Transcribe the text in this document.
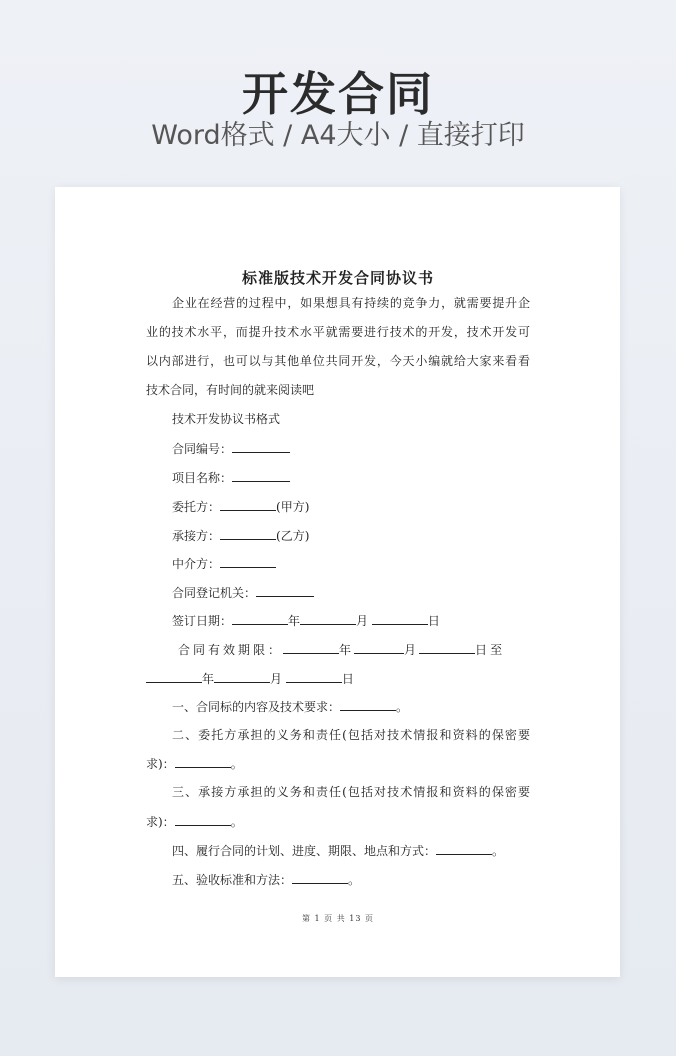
开发合同
Word格式 / A4大小 / 直接打印
标准版技术开发合同协议书
企业在经营的过程中，如果想具有持续的竞争力，就需要提升企
业的技术水平，而提升技术水平就需要进行技术的开发，技术开发可
以内部进行，也可以与其他单位共同开发，今天小编就给大家来看看
技术合同，有时间的就来阅读吧
技术开发协议书格式
合同编号：
项目名称：
委托方：	(甲方)
承接方：	(乙方)
中介方：
合同登记机关：
签订日期：	年	月	日
合同有效期限：	年	月	日至
年	月	日
一、合同标的内容及技术要求：	。
二、委托方承担的义务和责任(包括对技术情报和资料的保密要
求)：	。
三、承接方承担的义务和责任(包括对技术情报和资料的保密要
求)：	。
四、履行合同的计划、进度、期限、地点和方式：	。
五、验收标准和方法：	。
第 1 页 共 13 页
